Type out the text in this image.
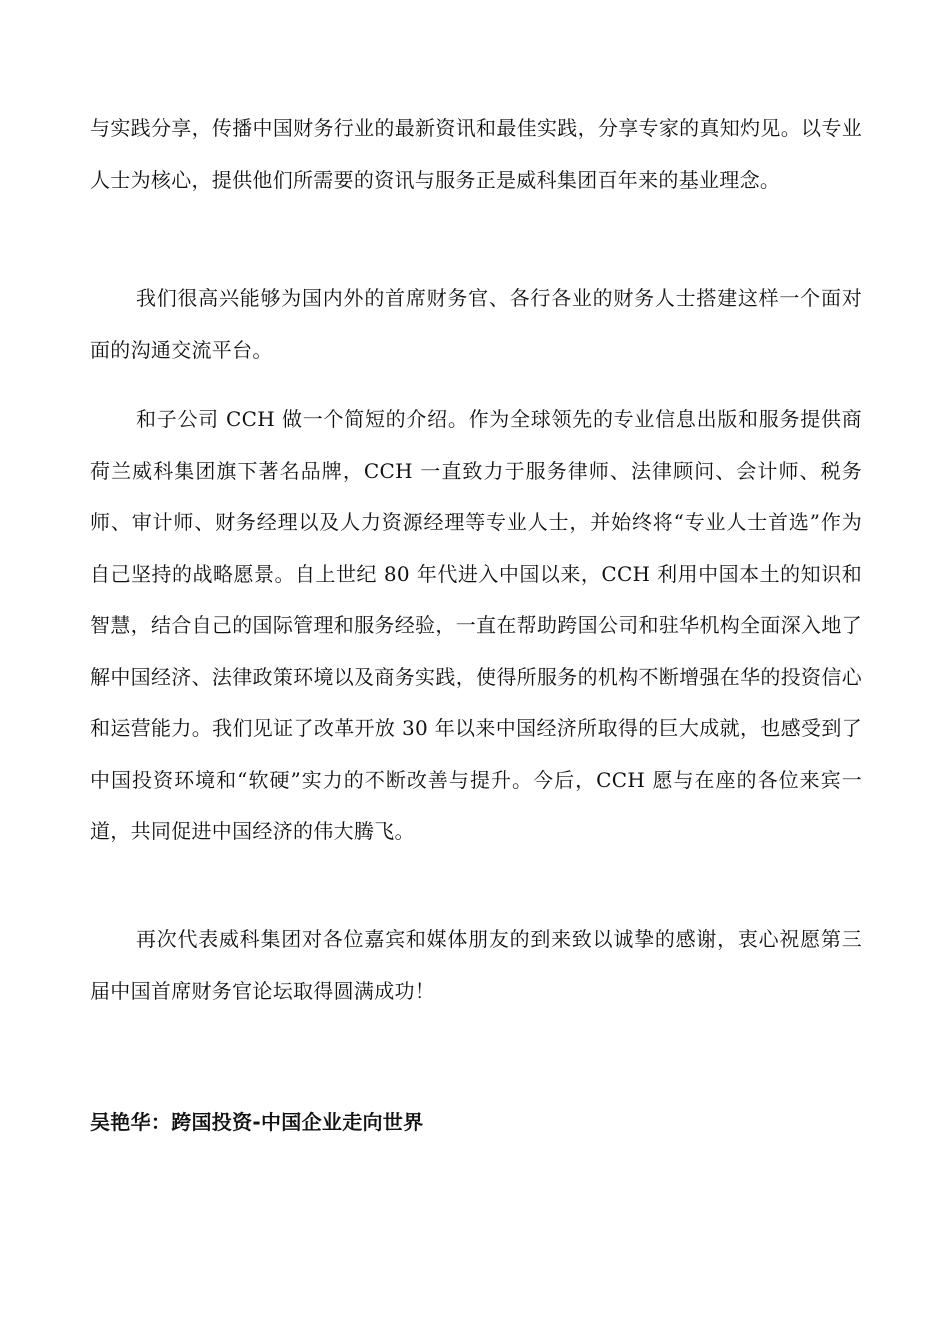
与实践分享，传播中国财务行业的最新资讯和最佳实践，分享专家的真知灼见。以专业人士为核心，提供他们所需要的资讯与服务正是威科集团百年来的基业理念。

我们很高兴能够为国内外的首席财务官、各行各业的财务人士搭建这样一个面对面的沟通交流平台。

和子公司 CCH 做一个简短的介绍。作为全球领先的专业信息出版和服务提供商荷兰威科集团旗下著名品牌，CCH 一直致力于服务律师、法律顾问、会计师、税务师、审计师、财务经理以及人力资源经理等专业人士，并始终将“专业人士首选”作为自己坚持的战略愿景。自上世纪 80 年代进入中国以来，CCH 利用中国本土的知识和智慧，结合自己的国际管理和服务经验，一直在帮助跨国公司和驻华机构全面深入地了解中国经济、法律政策环境以及商务实践，使得所服务的机构不断增强在华的投资信心和运营能力。我们见证了改革开放 30 年以来中国经济所取得的巨大成就，也感受到了中国投资环境和“软硬”实力的不断改善与提升。今后，CCH 愿与在座的各位来宾一道，共同促进中国经济的伟大腾飞。

再次代表威科集团对各位嘉宾和媒体朋友的到来致以诚挚的感谢，衷心祝愿第三届中国首席财务官论坛取得圆满成功！

吴艳华：跨国投资-中国企业走向世界
